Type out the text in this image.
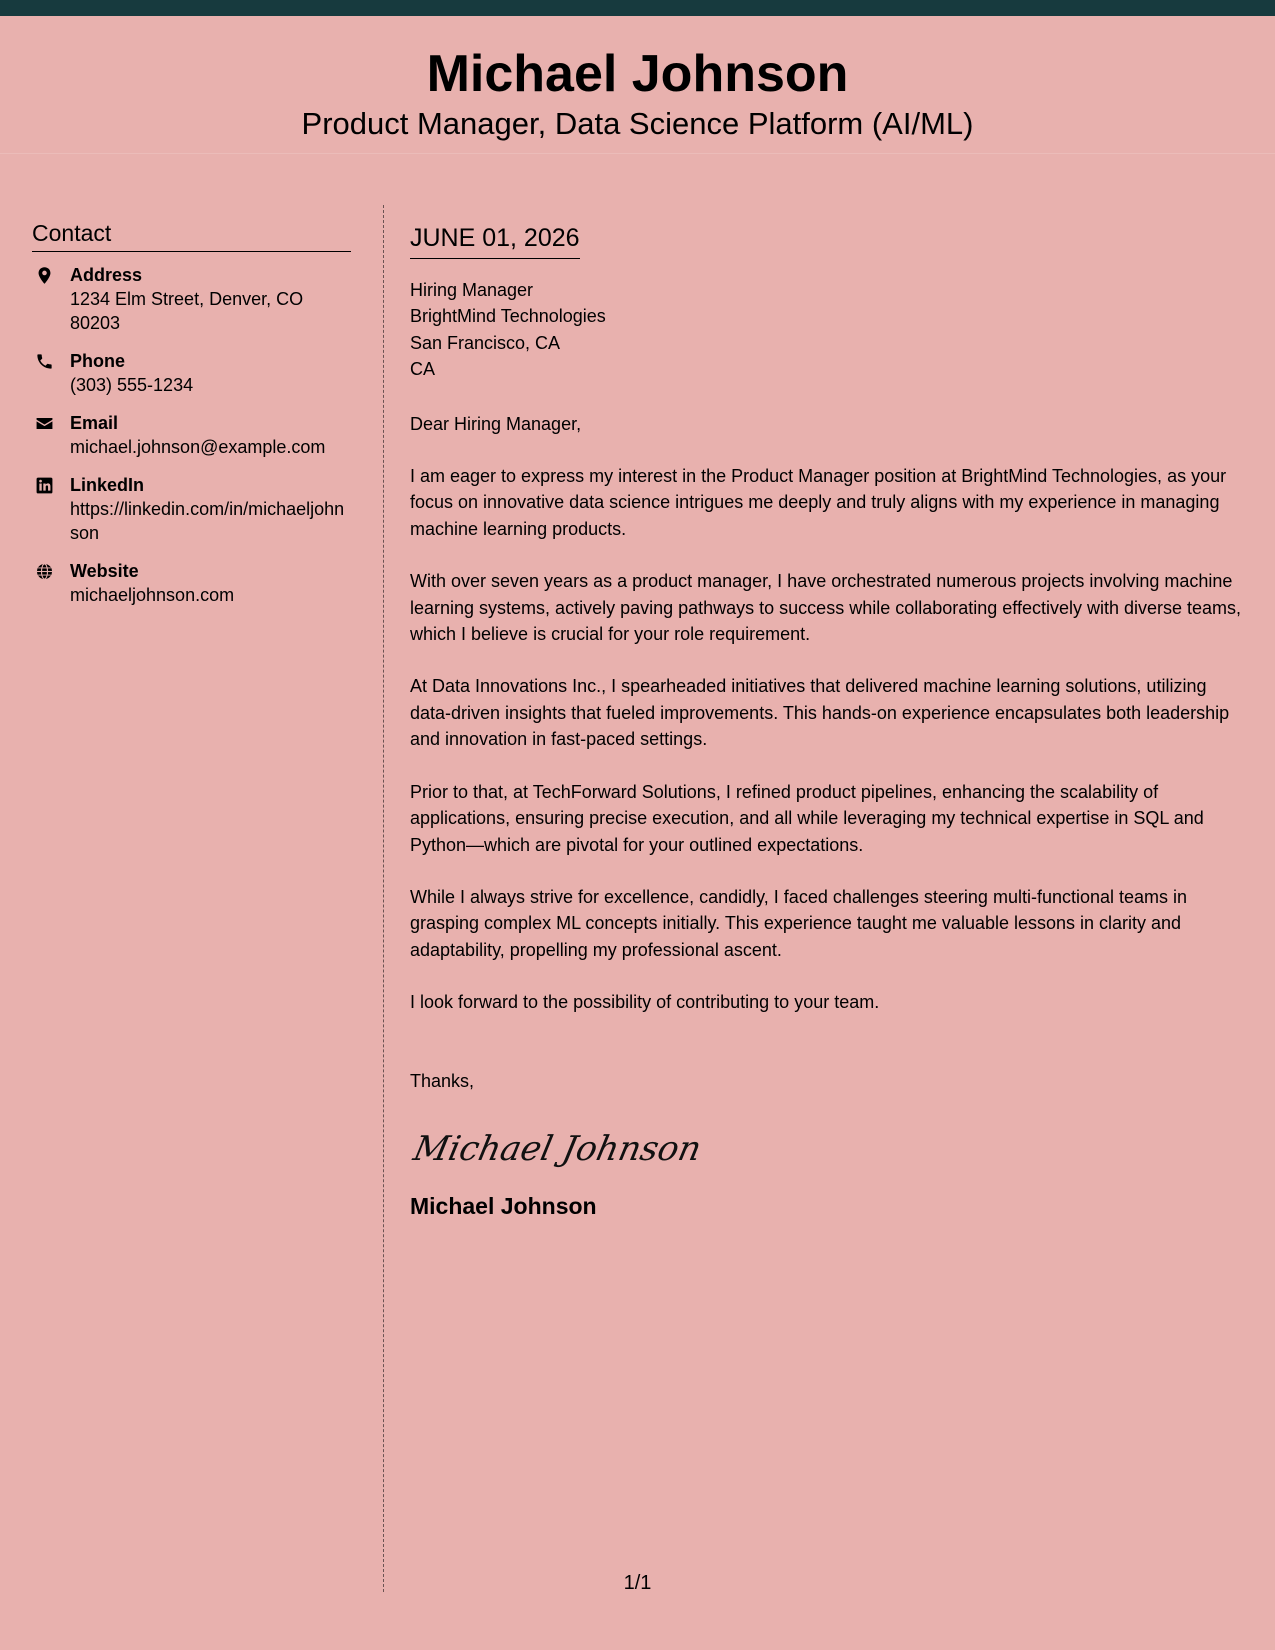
Michael Johnson
Product Manager, Data Science Platform (AI/ML)
Contact
Address
1234 Elm Street, Denver, CO 80203
Phone
(303) 555-1234
Email
michael.johnson@example.com
LinkedIn
https://linkedin.com/in/michaeljohnson
Website
michaeljohnson.com
JUNE 01, 2026
Hiring Manager
BrightMind Technologies
San Francisco, CA
CA
Dear Hiring Manager,
I am eager to express my interest in the Product Manager position at BrightMind Technologies, as your focus on innovative data science intrigues me deeply and truly aligns with my experience in managing machine learning products.
With over seven years as a product manager, I have orchestrated numerous projects involving machine learning systems, actively paving pathways to success while collaborating effectively with diverse teams, which I believe is crucial for your role requirement.
At Data Innovations Inc., I spearheaded initiatives that delivered machine learning solutions, utilizing data-driven insights that fueled improvements. This hands-on experience encapsulates both leadership and innovation in fast-paced settings.
Prior to that, at TechForward Solutions, I refined product pipelines, enhancing the scalability of applications, ensuring precise execution, and all while leveraging my technical expertise in SQL and Python—which are pivotal for your outlined expectations.
While I always strive for excellence, candidly, I faced challenges steering multi-functional teams in grasping complex ML concepts initially. This experience taught me valuable lessons in clarity and adaptability, propelling my professional ascent.
I look forward to the possibility of contributing to your team.
Thanks,
Michael Johnson
Michael Johnson
1/1
